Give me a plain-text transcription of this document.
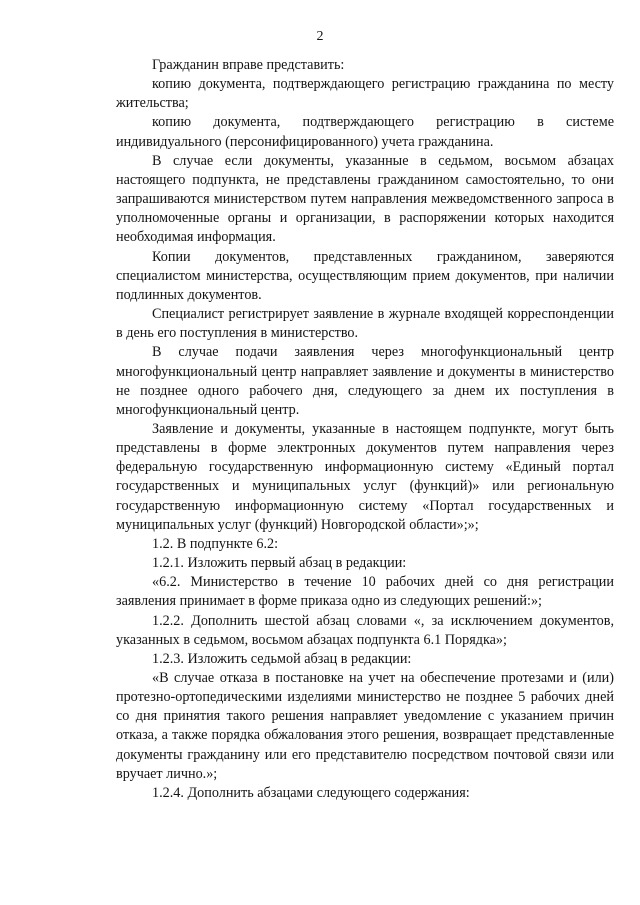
2

Гражданин вправе представить:

копию документа, подтверждающего регистрацию гражданина по месту жительства;

копию документа, подтверждающего регистрацию в системе индивидуального (персонифицированного) учета гражданина.

В случае если документы, указанные в седьмом, восьмом абзацах настоящего подпункта, не представлены гражданином самостоятельно, то они запрашиваются министерством путем направления межведомственного запроса в уполномоченные органы и организации, в распоряжении которых находится необходимая информация.

Копии документов, представленных гражданином, заверяются специалистом министерства, осуществляющим прием документов, при наличии подлинных документов.

Специалист регистрирует заявление в журнале входящей корреспонденции в день его поступления в министерство.

В случае подачи заявления через многофункциональный центр многофункциональный центр направляет заявление и документы в министерство не позднее одного рабочего дня, следующего за днем их поступления в многофункциональный центр.

Заявление и документы, указанные в настоящем подпункте, могут быть представлены в форме электронных документов путем направления через федеральную государственную информационную систему «Единый портал государственных и муниципальных услуг (функций)» или региональную государственную информационную систему «Портал государственных и муниципальных услуг (функций) Новгородской области»;»;

1.2. В подпункте 6.2:

1.2.1. Изложить первый абзац в редакции:

«6.2. Министерство в течение 10 рабочих дней со дня регистрации заявления принимает в форме приказа одно из следующих решений:»;

1.2.2. Дополнить шестой абзац словами «, за исключением документов, указанных в седьмом, восьмом абзацах подпункта 6.1 Порядка»;

1.2.3. Изложить седьмой абзац в редакции:

«В случае отказа в постановке на учет на обеспечение протезами и (или) протезно-ортопедическими изделиями министерство не позднее 5 рабочих дней со дня принятия такого решения направляет уведомление с указанием причин отказа, а также порядка обжалования этого решения, возвращает представленные документы гражданину или его представителю посредством почтовой связи или вручает лично.»;

1.2.4. Дополнить абзацами следующего содержания:
